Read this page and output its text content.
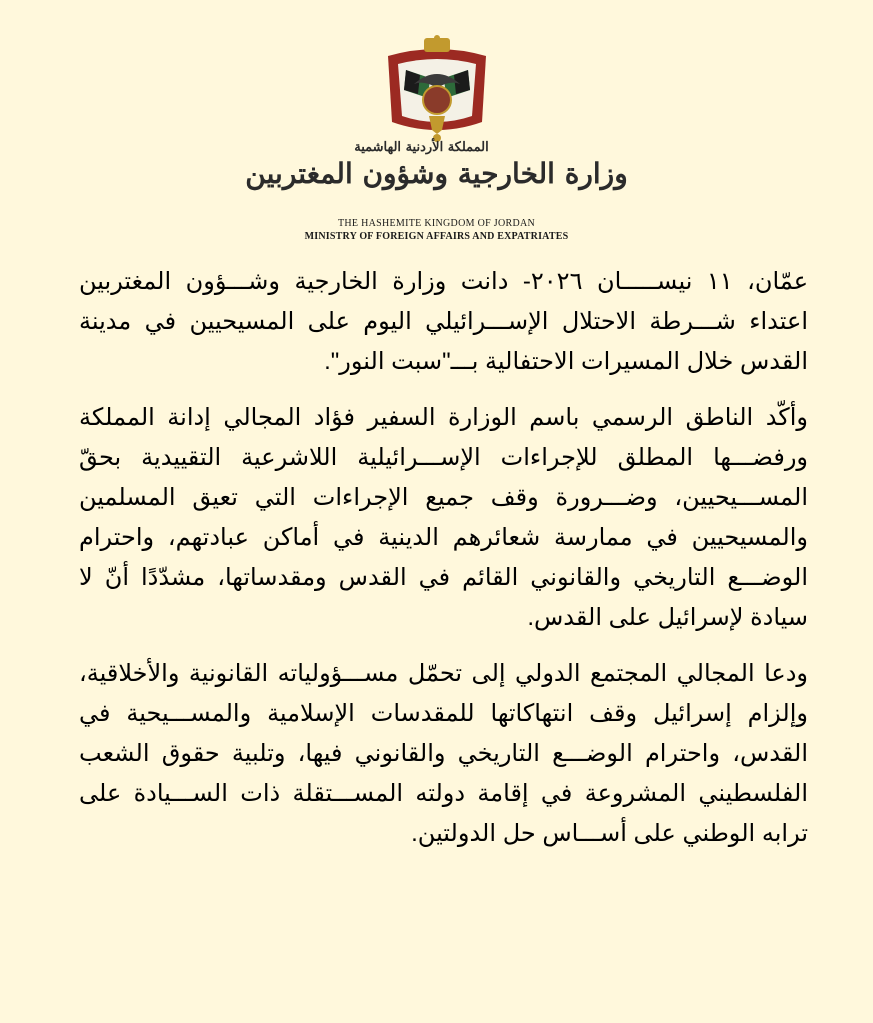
المملكة الأردنية الهاشمية
وزارة الخارجية وشؤون المغتربين
THE HASHEMITE KINGDOM OF JORDAN
MINISTRY OF FOREIGN AFFAIRS AND EXPATRIATES

عمّان، ١١ نيســـــان ٢٠٢٦- دانت وزارة الخارجية وشـــؤون المغتربين اعتداء شـــرطة الاحتلال الإســـرائيلي اليوم على المسيحيين في مدينة القدس خلال المسيرات الاحتفالية بـــ"سبت النور".

وأكّد الناطق الرسمي باسم الوزارة السفير فؤاد المجالي إدانة المملكة ورفضـــها المطلق للإجراءات الإســـرائيلية اللاشرعية التقييدية بحقّ المســـيحيين، وضـــرورة وقف جميع الإجراءات التي تعيق المسلمين والمسيحيين في ممارسة شعائرهم الدينية في أماكن عبادتهم، واحترام الوضـــع التاريخي والقانوني القائم في القدس ومقدساتها، مشدّدًا أنّ لا سيادة لإسرائيل على القدس.

ودعا المجالي المجتمع الدولي إلى تحمّل مســـؤولياته القانونية والأخلاقية، وإلزام إسرائيل وقف انتهاكاتها للمقدسات الإسلامية والمســـيحية في القدس، واحترام الوضـــع التاريخي والقانوني فيها، وتلبية حقوق الشعب الفلسطيني المشروعة في إقامة دولته المســـتقلة ذات الســـيادة على ترابه الوطني على أســـاس حل الدولتين.
